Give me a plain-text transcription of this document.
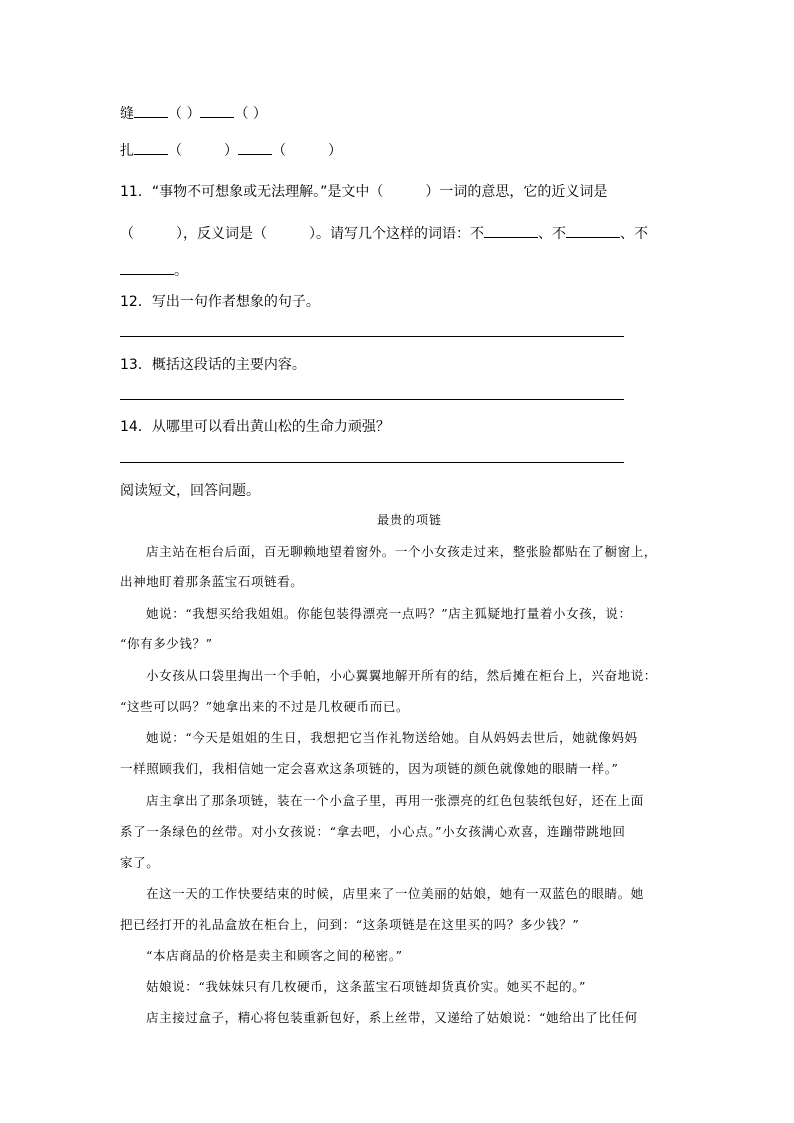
缝 （ ） （ ）
扎 （　　　） （　　　）
11．“事物不可想象或无法理解。”是文中（　　　）一词的意思，它的近义词是
（　　　），反义词是（　　　）。请写几个这样的词语：不	、不	、不
。
12．写出一句作者想象的句子。
13．概括这段话的主要内容。
14．从哪里可以看出黄山松的生命力顽强？
阅读短文，回答问题。
最贵的项链
店主站在柜台后面，百无聊赖地望着窗外。一个小女孩走过来，整张脸都贴在了橱窗上，
出神地盯着那条蓝宝石项链看。
她说：“我想买给我姐姐。你能包装得漂亮一点吗？”店主狐疑地打量着小女孩，说：
“你有多少钱？”
小女孩从口袋里掏出一个手帕，小心翼翼地解开所有的结，然后摊在柜台上，兴奋地说：
“这些可以吗？”她拿出来的不过是几枚硬币而已。
她说：“今天是姐姐的生日，我想把它当作礼物送给她。自从妈妈去世后，她就像妈妈
一样照顾我们，我相信她一定会喜欢这条项链的，因为项链的颜色就像她的眼睛一样。”
店主拿出了那条项链，装在一个小盒子里，再用一张漂亮的红色包装纸包好，还在上面
系了一条绿色的丝带。对小女孩说：“拿去吧，小心点。”小女孩满心欢喜，连蹦带跳地回
家了。
在这一天的工作快要结束的时候，店里来了一位美丽的姑娘，她有一双蓝色的眼睛。她
把已经打开的礼品盒放在柜台上，问到：“这条项链是在这里买的吗？多少钱？”
“本店商品的价格是卖主和顾客之间的秘密。”
姑娘说：“我妹妹只有几枚硬币，这条蓝宝石项链却货真价实。她买不起的。”
店主接过盒子，精心将包装重新包好，系上丝带，又递给了姑娘说：“她给出了比任何
